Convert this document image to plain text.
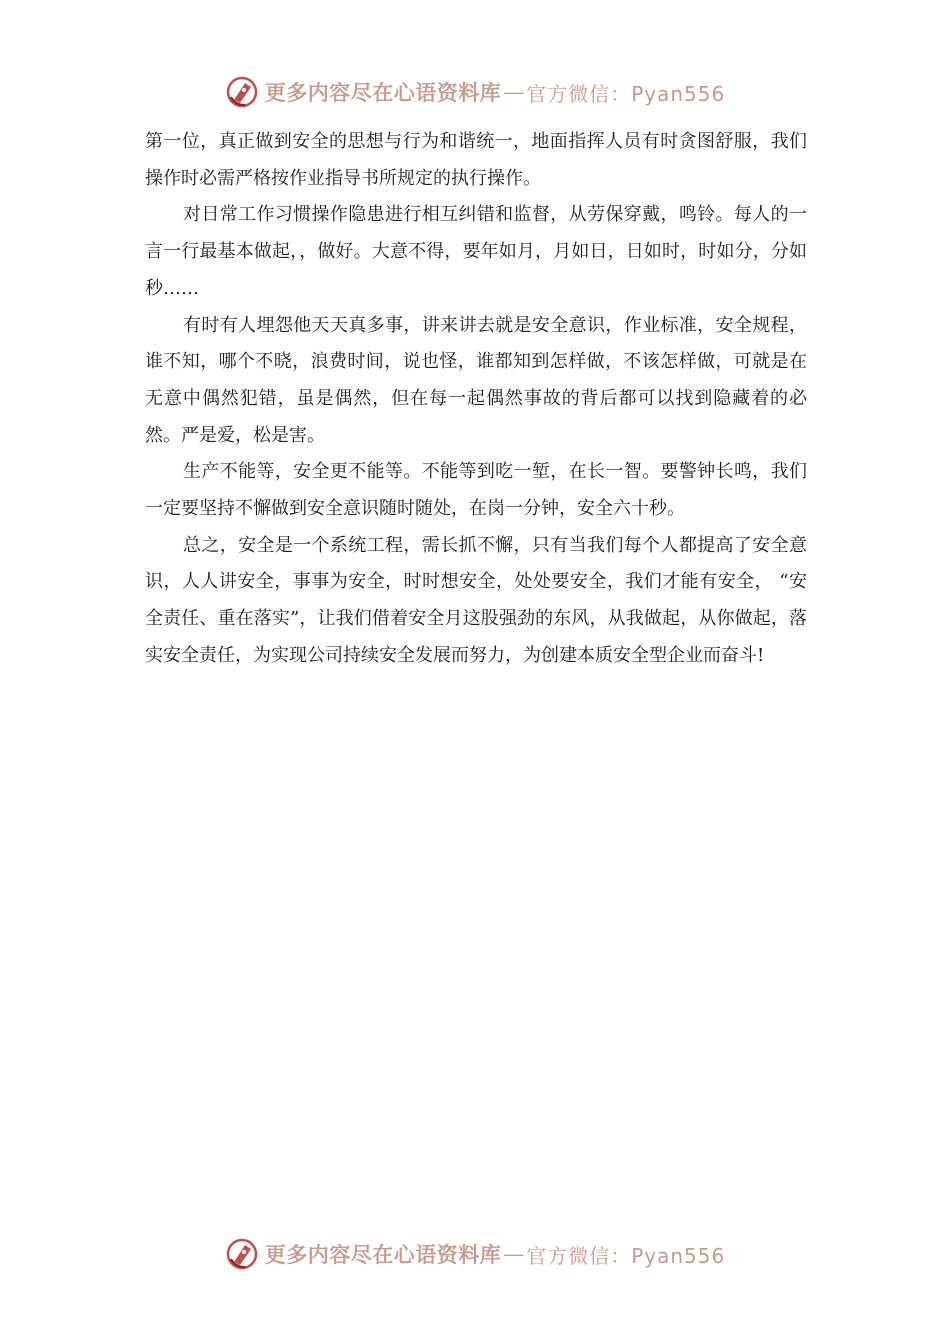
更多内容尽在心语资料库 — 官方微信：Pyan556

第一位，真正做到安全的思想与行为和谐统一，地面指挥人员有时贪图舒服，我们操作时必需严格按作业指导书所规定的执行操作。

对日常工作习惯操作隐患进行相互纠错和监督，从劳保穿戴，鸣铃。每人的一言一行最基本做起，，做好。大意不得，要年如月，月如日，日如时，时如分，分如秒……

有时有人埋怨他天天真多事，讲来讲去就是安全意识，作业标准，安全规程，谁不知，哪个不晓，浪费时间，说也怪，谁都知到怎样做，不该怎样做，可就是在无意中偶然犯错，虽是偶然，但在每一起偶然事故的背后都可以找到隐藏着的必然。严是爱，松是害。

生产不能等，安全更不能等。不能等到吃一堑，在长一智。要警钟长鸣，我们一定要坚持不懈做到安全意识随时随处，在岗一分钟，安全六十秒。

总之，安全是一个系统工程，需长抓不懈，只有当我们每个人都提高了安全意识，人人讲安全，事事为安全，时时想安全，处处要安全，我们才能有安全， “安全责任、重在落实”，让我们借着安全月这股强劲的东风，从我做起，从你做起，落实安全责任，为实现公司持续安全发展而努力，为创建本质安全型企业而奋斗!

更多内容尽在心语资料库 — 官方微信：Pyan556
